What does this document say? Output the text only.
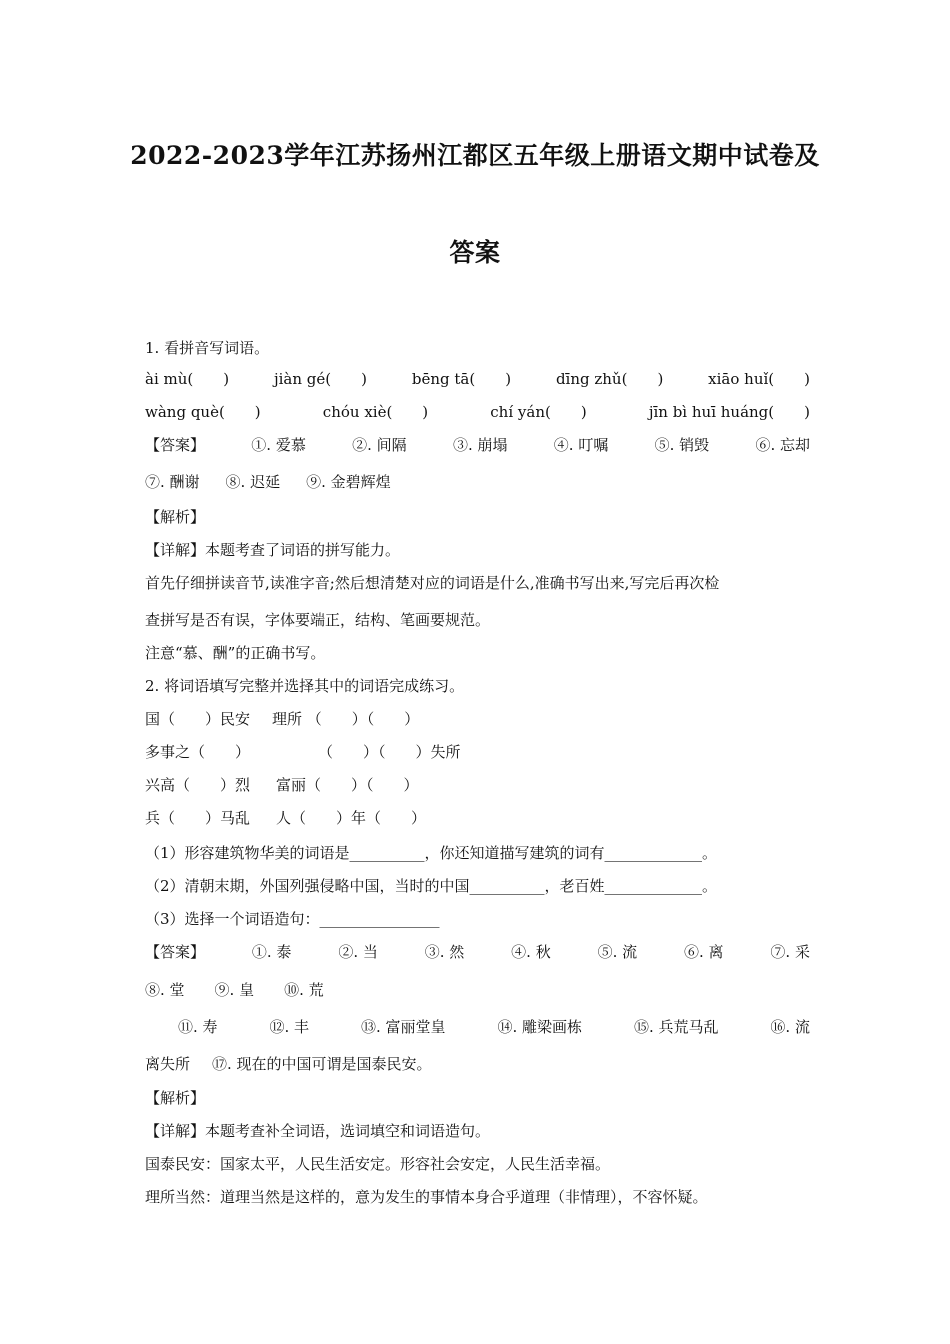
2022-2023学年江苏扬州江都区五年级上册语文期中试卷及
答案
1. 看拼音写词语。
ài mù(　　)	jiàn gé(　　)	bēng tā(　　)	dīng zhǔ(　　)	xiāo huǐ(　　)
wàng què(　　)	chóu xiè(　　)	chí yán(　　)	jīn bì huī huáng(　　)
【答案】	①. 爱慕	②. 间隔	③. 崩塌	④. 叮嘱	⑤. 销毁	⑥. 忘却
⑦. 酬谢 ⑧. 迟延 ⑨. 金碧辉煌
【解析】
【详解】本题考查了词语的拼写能力。
首先仔细拼读音节,读准字音;然后想清楚对应的词语是什么,准确书写出来,写完后再次检
查拼写是否有误，字体要端正，结构、笔画要规范。
注意“慕、酬”的正确书写。
2. 将词语填写完整并选择其中的词语完成练习。
国（　　）民安 理所 （　　）（　　）
多事之（　　）	（　　）（　　）失所
兴高（　　）烈 富丽（　　）（　　）
兵（　　）马乱 人（　　）年（　　）
（1）形容建筑物华美的词语是__________，你还知道描写建筑的词有_____________。
（2）清朝末期，外国列强侵略中国，当时的中国__________，老百姓_____________。
（3）选择一个词语造句：________________
【答案】	①. 泰	②. 当	③. 然	④. 秋	⑤. 流	⑥. 离	⑦. 采
⑧. 堂 ⑨. 皇 ⑩. 荒
⑪. 寿	⑫. 丰	⑬. 富丽堂皇	⑭. 雕梁画栋	⑮. 兵荒马乱	⑯. 流
离失所 ⑰. 现在的中国可谓是国泰民安。
【解析】
【详解】本题考查补全词语，选词填空和词语造句。
国泰民安：国家太平，人民生活安定。形容社会安定，人民生活幸福。
理所当然：道理当然是这样的，意为发生的事情本身合乎道理（非情理），不容怀疑。
